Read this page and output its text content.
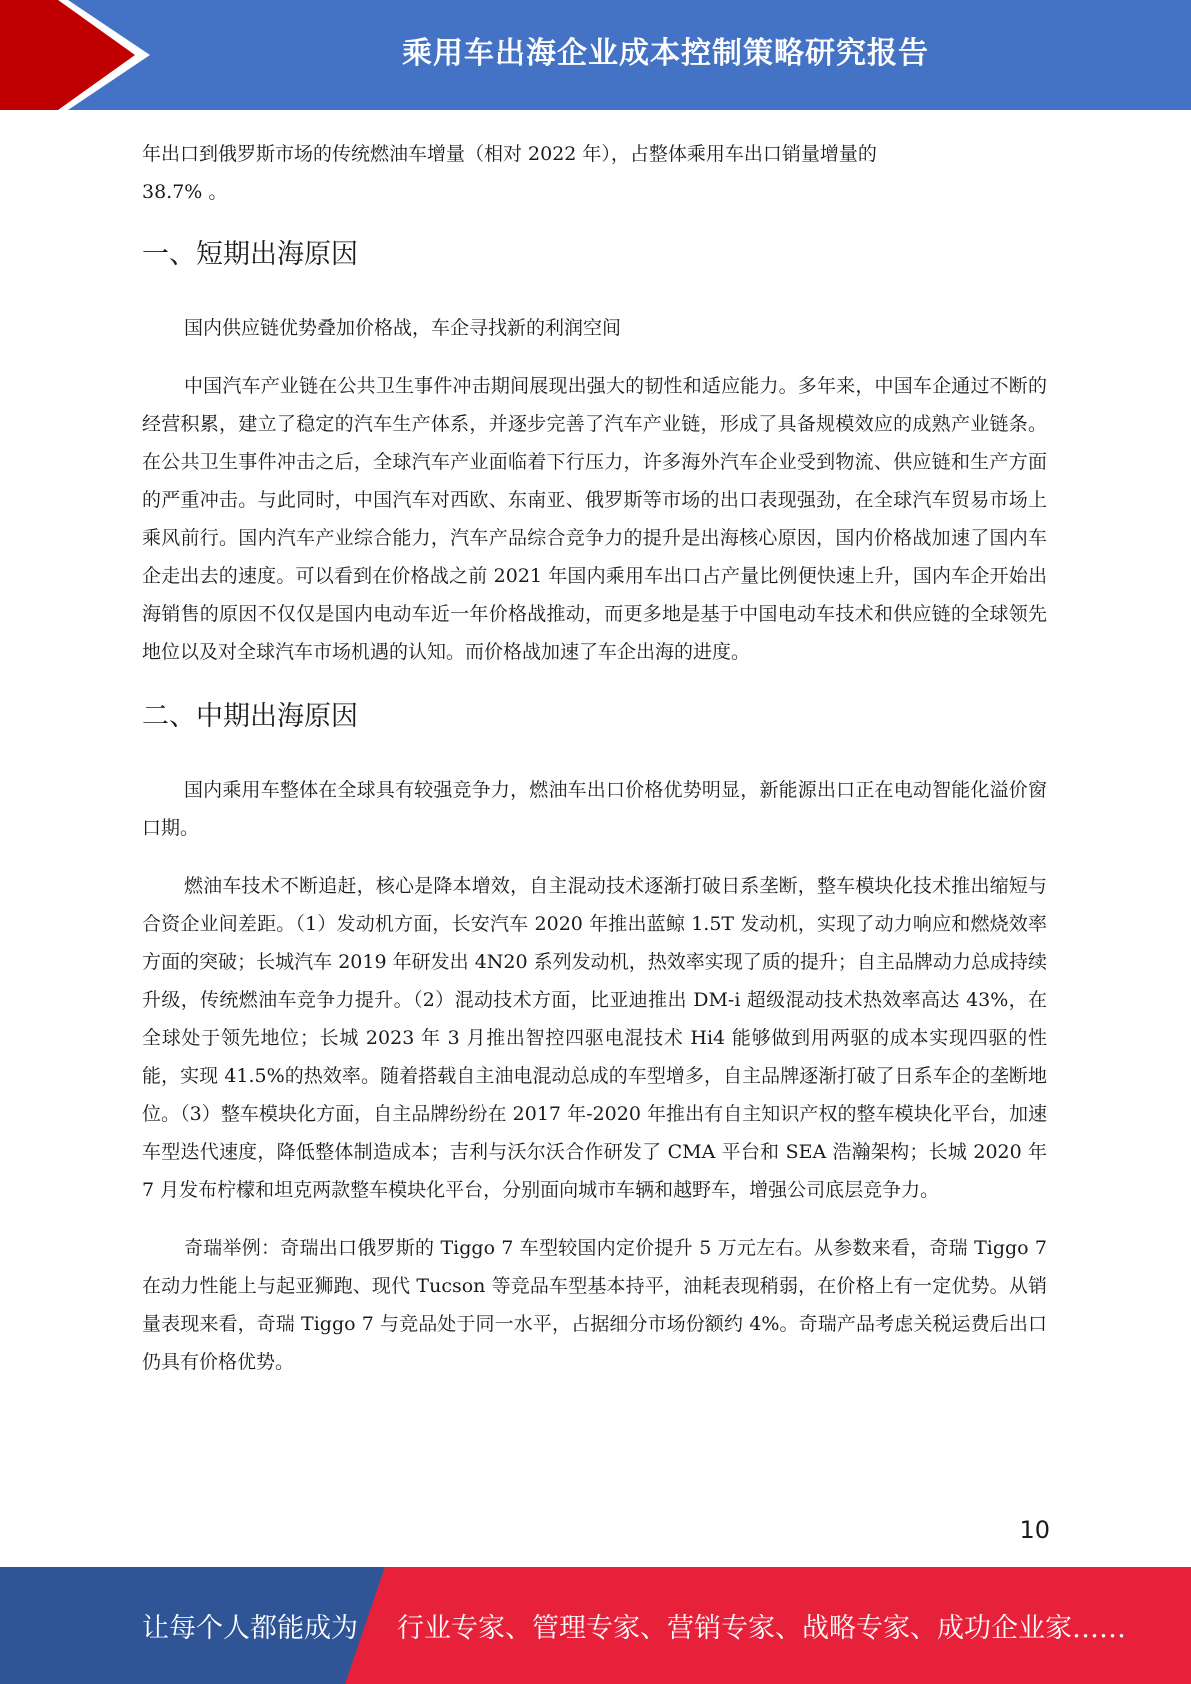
乘用车出海企业成本控制策略研究报告

年出口到俄罗斯市场的传统燃油车增量（相对 2022 年），占整体乘用车出口销量增量的

38.7% 。

一、短期出海原因

国内供应链优势叠加价格战，车企寻找新的利润空间

中国汽车产业链在公共卫生事件冲击期间展现出强大的韧性和适应能力。多年来，中国车企通过不断的经营积累，建立了稳定的汽车生产体系，并逐步完善了汽车产业链，形成了具备规模效应的成熟产业链条。在公共卫生事件冲击之后，全球汽车产业面临着下行压力，许多海外汽车企业受到物流、供应链和生产方面的严重冲击。与此同时，中国汽车对西欧、东南亚、俄罗斯等市场的出口表现强劲，在全球汽车贸易市场上乘风前行。国内汽车产业综合能力，汽车产品综合竞争力的提升是出海核心原因，国内价格战加速了国内车企走出去的速度。可以看到在价格战之前 2021 年国内乘用车出口占产量比例便快速上升，国内车企开始出海销售的原因不仅仅是国内电动车近一年价格战推动，而更多地是基于中国电动车技术和供应链的全球领先地位以及对全球汽车市场机遇的认知。而价格战加速了车企出海的进度。

二、中期出海原因

国内乘用车整体在全球具有较强竞争力，燃油车出口价格优势明显，新能源出口正在电动智能化溢价窗口期。

燃油车技术不断追赶，核心是降本增效，自主混动技术逐渐打破日系垄断，整车模块化技术推出缩短与合资企业间差距。（1）发动机方面，长安汽车 2020 年推出蓝鲸 1.5T 发动机，实现了动力响应和燃烧效率方面的突破；长城汽车 2019 年研发出 4N20 系列发动机，热效率实现了质的提升；自主品牌动力总成持续升级，传统燃油车竞争力提升。（2）混动技术方面，比亚迪推出 DM-i 超级混动技术热效率高达 43%，在全球处于领先地位；长城 2023 年 3 月推出智控四驱电混技术 Hi4 能够做到用两驱的成本实现四驱的性能，实现 41.5%的热效率。随着搭载自主油电混动总成的车型增多，自主品牌逐渐打破了日系车企的垄断地位。（3）整车模块化方面，自主品牌纷纷在 2017 年-2020 年推出有自主知识产权的整车模块化平台，加速车型迭代速度，降低整体制造成本；吉利与沃尔沃合作研发了 CMA 平台和 SEA 浩瀚架构；长城 2020 年 7 月发布柠檬和坦克两款整车模块化平台，分别面向城市车辆和越野车，增强公司底层竞争力。

奇瑞举例：奇瑞出口俄罗斯的 Tiggo 7 车型较国内定价提升 5 万元左右。从参数来看，奇瑞 Tiggo 7 在动力性能上与起亚狮跑、现代 Tucson 等竞品车型基本持平，油耗表现稍弱，在价格上有一定优势。从销量表现来看，奇瑞 Tiggo 7 与竞品处于同一水平，占据细分市场份额约 4%。奇瑞产品考虑关税运费后出口仍具有价格优势。

10
让每个人都能成为 行业专家、管理专家、营销专家、战略专家、成功企业家……
